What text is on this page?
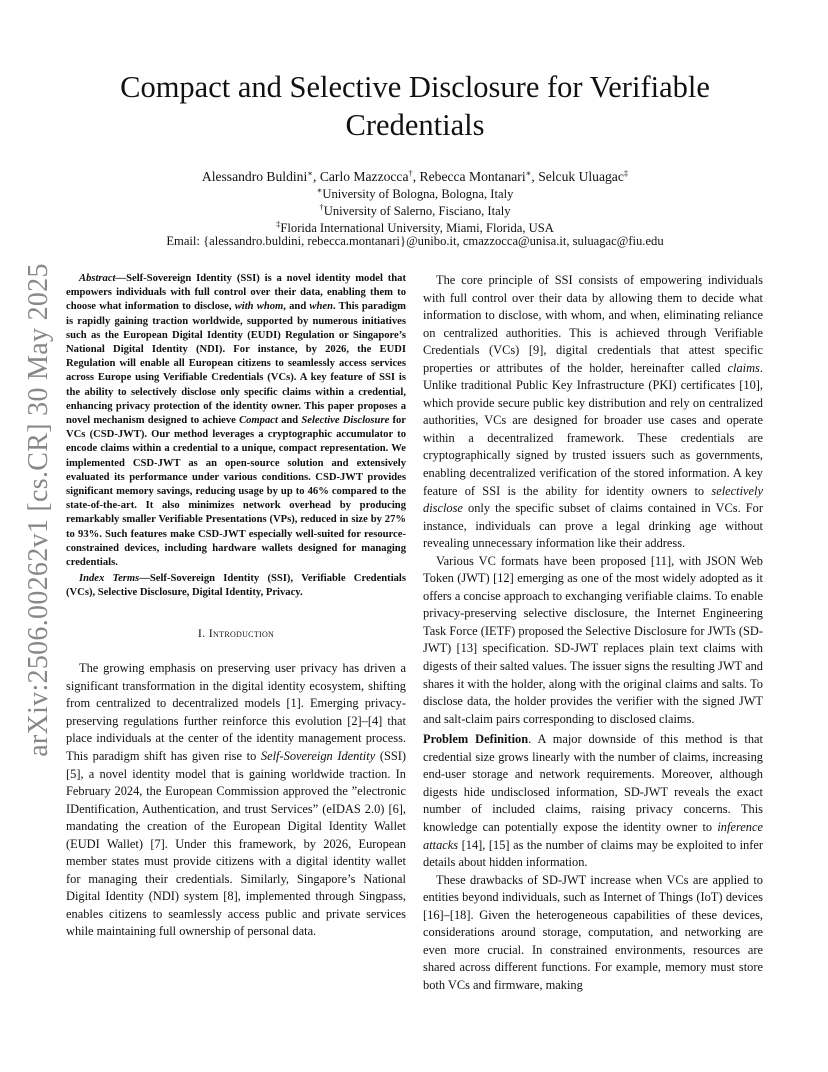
arXiv:2506.00262v1 [cs.CR] 30 May 2025
Compact and Selective Disclosure for Verifiable
Credentials
Alessandro Buldini∗, Carlo Mazzocca†, Rebecca Montanari∗, Selcuk Uluagac‡
∗University of Bologna, Bologna, Italy
†University of Salerno, Fisciano, Italy
‡Florida International University, Miami, Florida, USA
Email: {alessandro.buldini, rebecca.montanari}@unibo.it, cmazzocca@unisa.it, suluagac@fiu.edu

Abstract—Self-Sovereign Identity (SSI) is a novel identity model that empowers individuals with full control over their data, enabling them to choose what information to disclose, with whom, and when. This paradigm is rapidly gaining traction worldwide, supported by numerous initiatives such as the European Digital Identity (EUDI) Regulation or Singapore’s National Digital Identity (NDI). For instance, by 2026, the EUDI Regulation will enable all European citizens to seamlessly access services across Europe using Verifiable Credentials (VCs). A key feature of SSI is the ability to selectively disclose only specific claims within a credential, enhancing privacy protection of the identity owner. This paper proposes a novel mechanism designed to achieve Compact and Selective Disclosure for VCs (CSD-JWT). Our method leverages a cryptographic accumulator to encode claims within a credential to a unique, compact representation. We implemented CSD-JWT as an open-source solution and extensively evaluated its performance under various conditions. CSD-JWT provides significant memory savings, reducing usage by up to 46% compared to the state-of-the-art. It also minimizes network overhead by producing remarkably smaller Verifiable Presentations (VPs), reduced in size by 27% to 93%. Such features make CSD-JWT especially well-suited for resource-constrained devices, including hardware wallets designed for managing credentials.

Index Terms—Self-Sovereign Identity (SSI), Verifiable Credentials (VCs), Selective Disclosure, Digital Identity, Privacy.

I. Introduction

The growing emphasis on preserving user privacy has driven a significant transformation in the digital identity ecosystem, shifting from centralized to decentralized models [1]. Emerging privacy-preserving regulations further reinforce this evolution [2]–[4] that place individuals at the center of the identity management process. This paradigm shift has given rise to Self-Sovereign Identity (SSI) [5], a novel identity model that is gaining worldwide traction. In February 2024, the European Commission approved the ”electronic IDentification, Authentication, and trust Services” (eIDAS 2.0) [6], mandating the creation of the European Digital Identity Wallet (EUDI Wallet) [7]. Under this framework, by 2026, European member states must provide citizens with a digital identity wallet for managing their credentials. Similarly, Singapore’s National Digital Identity (NDI) system [8], implemented through Singpass, enables citizens to seamlessly access public and private services while maintaining full ownership of personal data.

The core principle of SSI consists of empowering individuals with full control over their data by allowing them to decide what information to disclose, with whom, and when, eliminating reliance on centralized authorities. This is achieved through Verifiable Credentials (VCs) [9], digital credentials that attest specific properties or attributes of the holder, hereinafter called claims. Unlike traditional Public Key Infrastructure (PKI) certificates [10], which provide secure public key distribution and rely on centralized authorities, VCs are designed for broader use cases and operate within a decentralized framework. These credentials are cryptographically signed by trusted issuers such as governments, enabling decentralized verification of the stored information. A key feature of SSI is the ability for identity owners to selectively disclose only the specific subset of claims contained in VCs. For instance, individuals can prove a legal drinking age without revealing unnecessary information like their address.

Various VC formats have been proposed [11], with JSON Web Token (JWT) [12] emerging as one of the most widely adopted as it offers a concise approach to exchanging verifiable claims. To enable privacy-preserving selective disclosure, the Internet Engineering Task Force (IETF) proposed the Selective Disclosure for JWTs (SD-JWT) [13] specification. SD-JWT replaces plain text claims with digests of their salted values. The issuer signs the resulting JWT and shares it with the holder, along with the original claims and salts. To disclose data, the holder provides the verifier with the signed JWT and salt-claim pairs corresponding to disclosed claims.

Problem Definition. A major downside of this method is that credential size grows linearly with the number of claims, increasing end-user storage and network requirements. Moreover, although digests hide undisclosed information, SD-JWT reveals the exact number of included claims, raising privacy concerns. This knowledge can potentially expose the identity owner to inference attacks [14], [15] as the number of claims may be exploited to infer details about hidden information.

These drawbacks of SD-JWT increase when VCs are applied to entities beyond individuals, such as Internet of Things (IoT) devices [16]–[18]. Given the heterogeneous capabilities of these devices, considerations around storage, computation, and networking are even more crucial. In constrained environments, resources are shared across different functions. For example, memory must store both VCs and firmware, making
